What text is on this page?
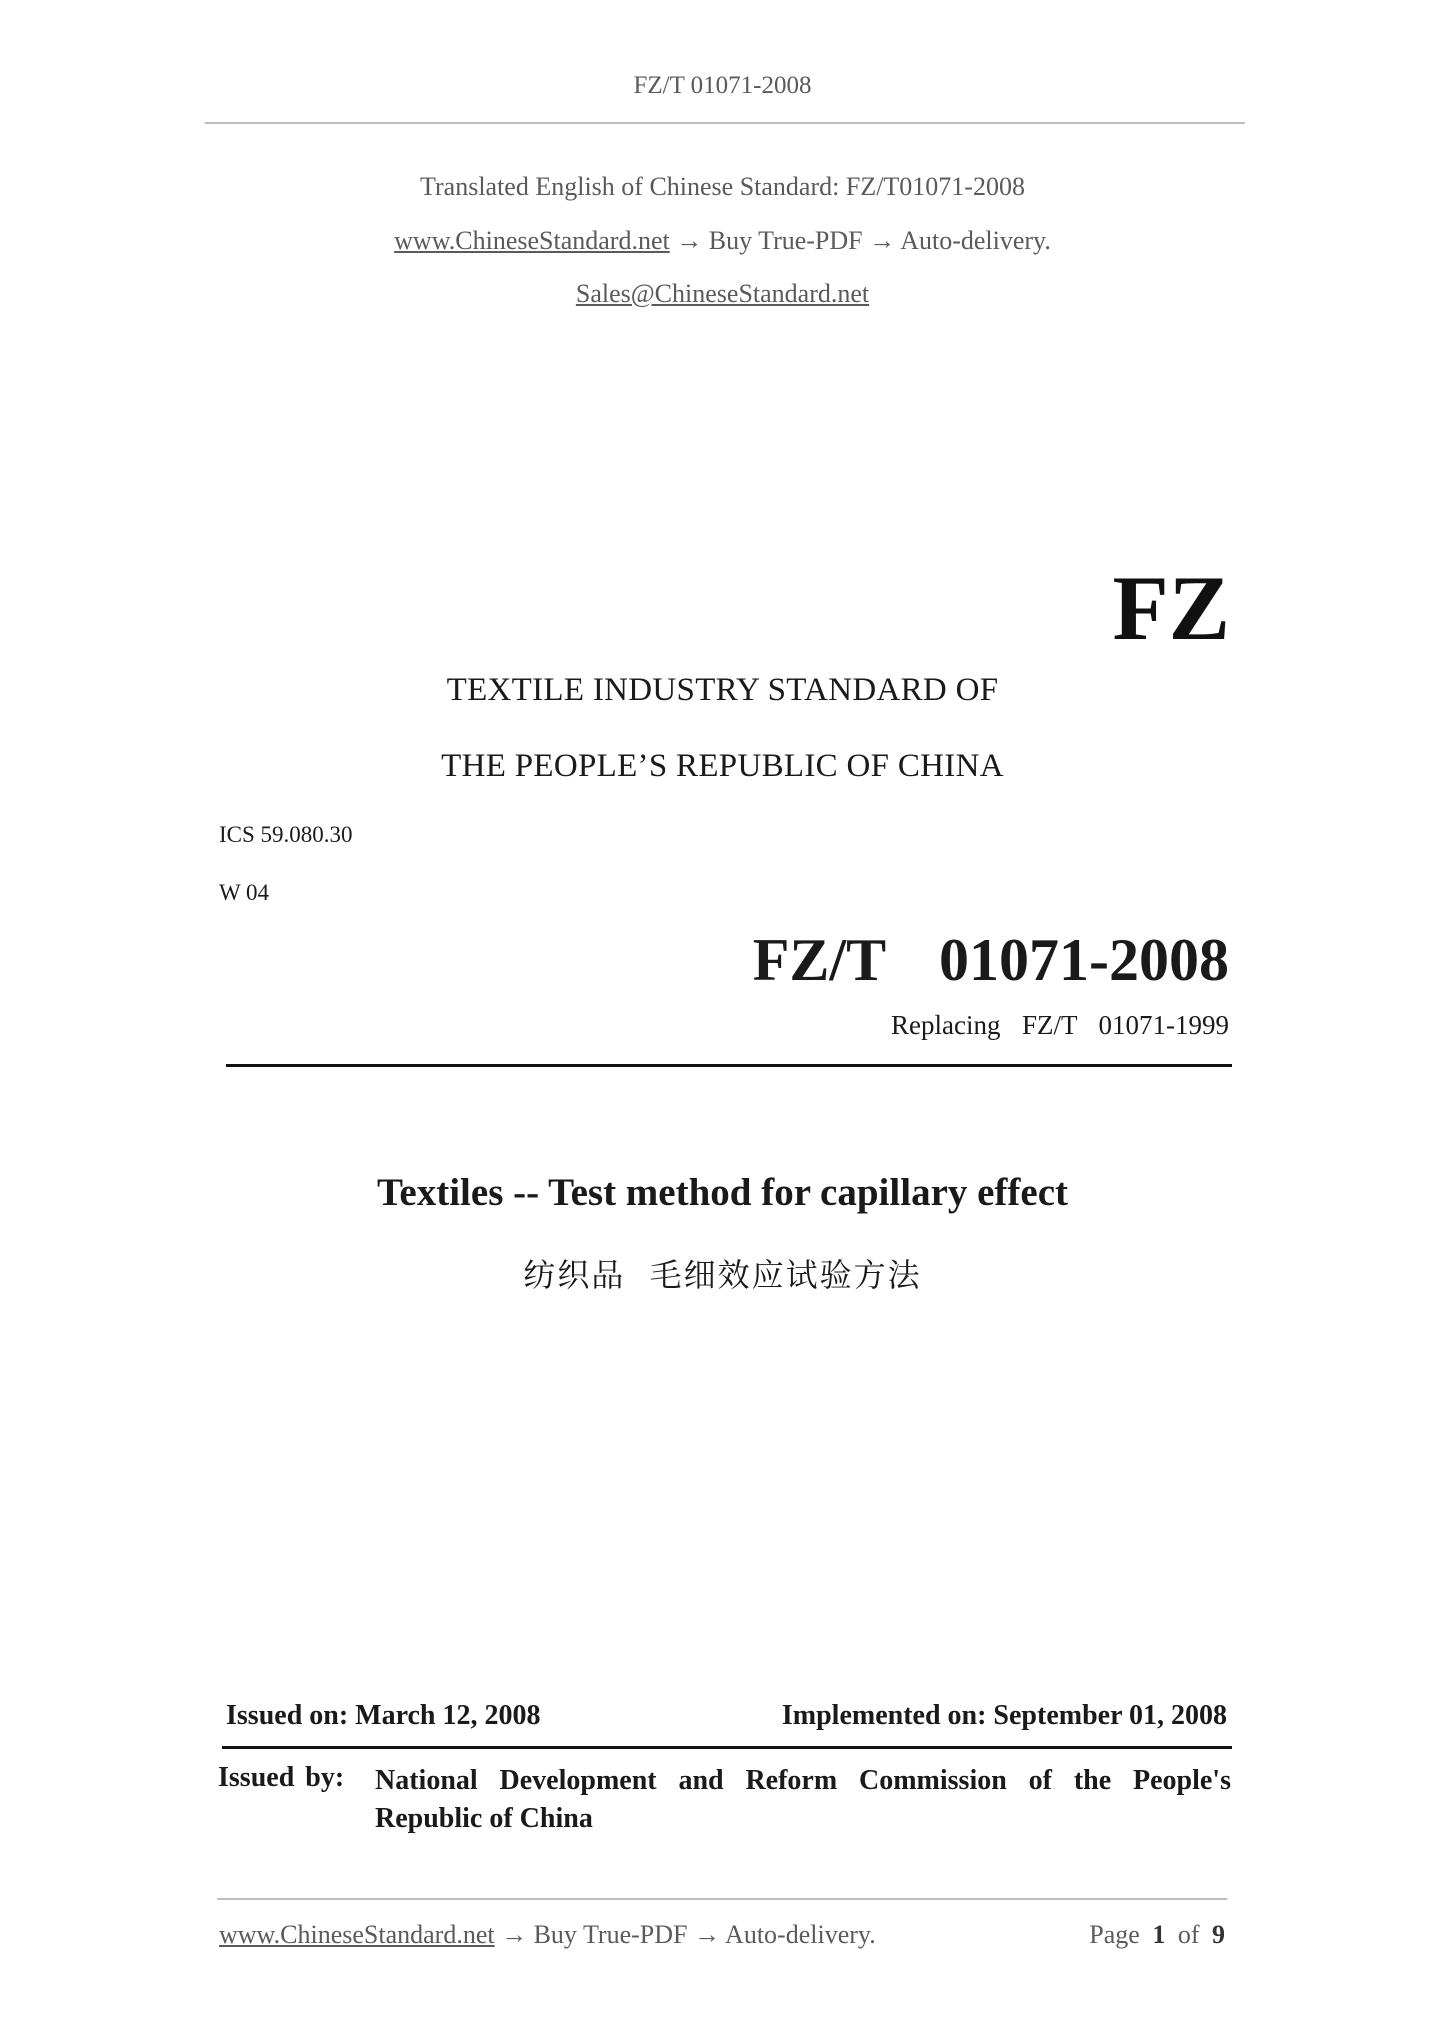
FZ/T 01071-2008
Translated English of Chinese Standard: FZ/T01071-2008
www.ChineseStandard.net → Buy True-PDF → Auto-delivery.
Sales@ChineseStandard.net
FZ
TEXTILE INDUSTRY STANDARD OF
THE PEOPLE’S REPUBLIC OF CHINA
ICS 59.080.30
W 04
FZ/T  01071-2008
Replacing  FZ/T  01071-1999
Textiles -- Test method for capillary effect
纺织品  毛细效应试验方法
Issued on: March 12, 2008	Implemented on: September 01, 2008
Issued by: National Development and Reform Commission of the People's Republic of China
www.ChineseStandard.net → Buy True-PDF → Auto-delivery.	Page 1 of 9
